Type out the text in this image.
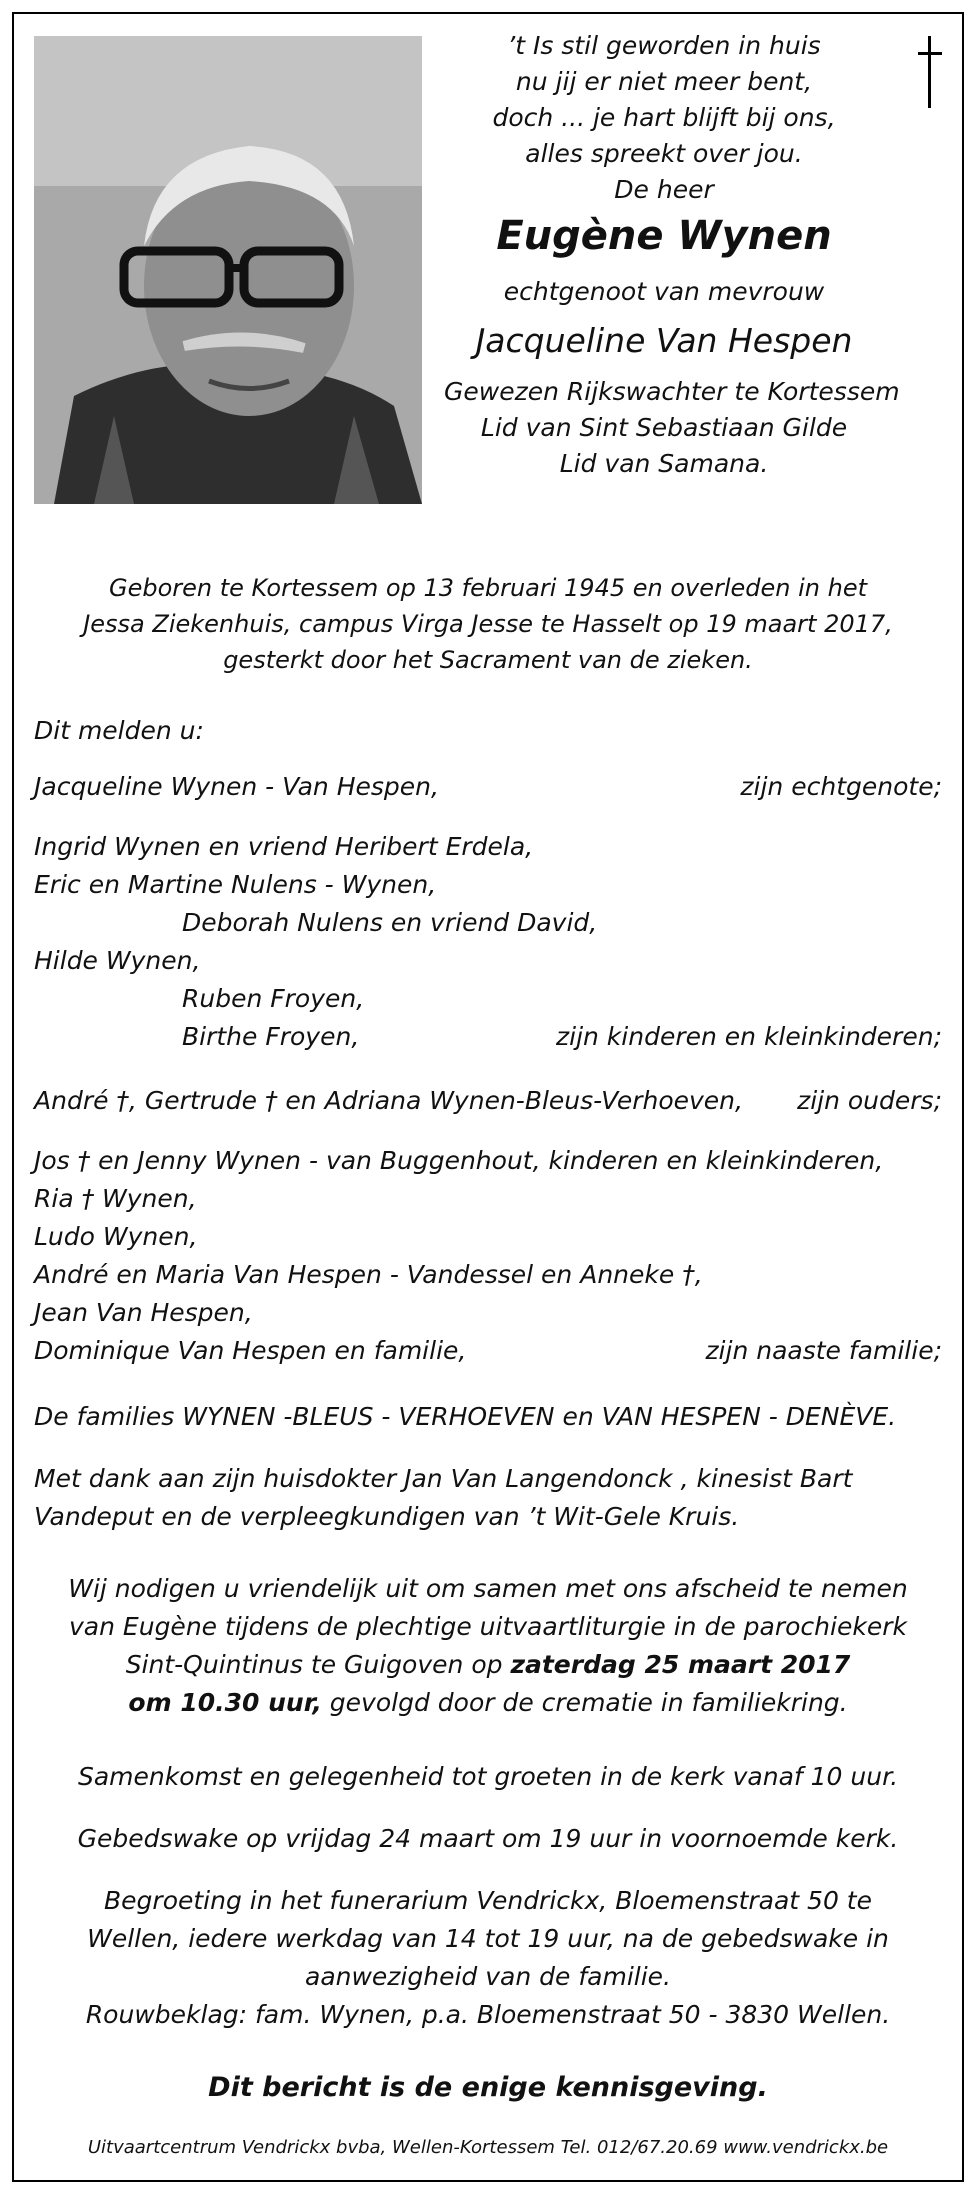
’t Is stil geworden in huis
nu jij er niet meer bent,
doch ... je hart blijft bij ons,
alles spreekt over jou.
De heer
Eugène Wynen
echtgenoot van mevrouw
Jacqueline Van Hespen
Gewezen Rijkswachter te Kortessem
Lid van Sint Sebastiaan Gilde
Lid van Samana.
Geboren te Kortessem op 13 februari 1945 en overleden in het
Jessa Ziekenhuis, campus Virga Jesse te Hasselt op 19 maart 2017,
gesterkt door het Sacrament van de zieken.
Dit melden u:
Jacqueline Wynen - Van Hespen,	zijn echtgenote;
Ingrid Wynen en vriend Heribert Erdela,
Eric en Martine Nulens - Wynen,
Deborah Nulens en vriend David,
Hilde Wynen,
Ruben Froyen,
Birthe Froyen,	zijn kinderen en kleinkinderen;
André †, Gertrude † en Adriana Wynen-Bleus-Verhoeven, zijn ouders;
Jos † en Jenny Wynen - van Buggenhout, kinderen en kleinkinderen,
Ria † Wynen,
Ludo Wynen,
André en Maria Van Hespen - Vandessel en Anneke †,
Jean Van Hespen,
Dominique Van Hespen en familie,	zijn naaste familie;
De families WYNEN -BLEUS - VERHOEVEN en VAN HESPEN - DENÈVE.
Met dank aan zijn huisdokter Jan Van Langendonck , kinesist Bart
Vandeput en de verpleegkundigen van ’t Wit-Gele Kruis.
Wij nodigen u vriendelijk uit om samen met ons afscheid te nemen
van Eugène tijdens de plechtige uitvaartliturgie in de parochiekerk
Sint-Quintinus te Guigoven op zaterdag 25 maart 2017
om 10.30 uur, gevolgd door de crematie in familiekring.
Samenkomst en gelegenheid tot groeten in de kerk vanaf 10 uur.
Gebedswake op vrijdag 24 maart om 19 uur in voornoemde kerk.
Begroeting in het funerarium Vendrickx, Bloemenstraat 50 te
Wellen, iedere werkdag van 14 tot 19 uur, na de gebedswake in
aanwezigheid van de familie.
Rouwbeklag: fam. Wynen, p.a. Bloemenstraat 50 - 3830 Wellen.
Dit bericht is de enige kennisgeving.
Uitvaartcentrum Vendrickx bvba, Wellen-Kortessem Tel. 012/67.20.69 www.vendrickx.be
